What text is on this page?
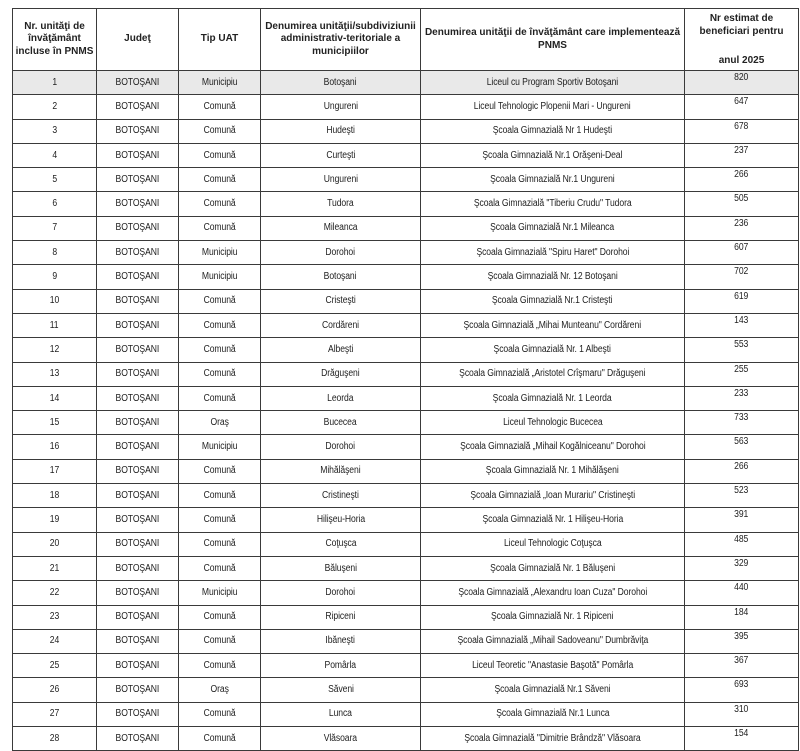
Nr. unităţi de învăţământ incluse în PNMS	Judeţ	Tip UAT	Denumirea unităţii/subdiviziunii administrativ-teritoriale a municipiilor	Denumirea unităţii de învăţământ care implementează PNMS	Nr estimat de beneficiari pentru
anul 2025

1	BOTOŞANI	Municipiu	Botoşani	Liceul cu Program Sportiv Botoşani	820
2	BOTOŞANI	Comună	Ungureni	Liceul Tehnologic Plopenii Mari - Ungureni	647
3	BOTOŞANI	Comună	Hudeşti	Şcoala Gimnazială Nr 1 Hudeşti	678
4	BOTOŞANI	Comună	Curteşti	Şcoala Gimnazială Nr.1 Orăşeni-Deal	237
5	BOTOŞANI	Comună	Ungureni	Şcoala Gimnazială Nr.1 Ungureni	266
6	BOTOŞANI	Comună	Tudora	Şcoala Gimnazială "Tiberiu Crudu" Tudora	505
7	BOTOŞANI	Comună	Mileanca	Şcoala Gimnazială Nr.1 Mileanca	236
8	BOTOŞANI	Municipiu	Dorohoi	Şcoala Gimnazială "Spiru Haret" Dorohoi	607
9	BOTOŞANI	Municipiu	Botoşani	Şcoala Gimnazială Nr. 12 Botoşani	702
10	BOTOŞANI	Comună	Cristeşti	Şcoala Gimnazială Nr.1 Cristeşti	619
11	BOTOŞANI	Comună	Cordăreni	Şcoala Gimnazială „Mihai Munteanu" Cordăreni	143
12	BOTOŞANI	Comună	Albeşti	Şcoala Gimnazială Nr. 1 Albeşti	553
13	BOTOŞANI	Comună	Drăguşeni	Şcoala Gimnazială „Aristotel Crîşmaru" Drăguşeni	255
14	BOTOŞANI	Comună	Leorda	Şcoala Gimnazială Nr. 1 Leorda	233
15	BOTOŞANI	Oraş	Bucecea	Liceul Tehnologic Bucecea	733
16	BOTOŞANI	Municipiu	Dorohoi	Şcoala Gimnazială „Mihail Kogălniceanu" Dorohoi	563
17	BOTOŞANI	Comună	Mihălăşeni	Şcoala Gimnazială Nr. 1 Mihălăşeni	266
18	BOTOŞANI	Comună	Cristineşti	Şcoala Gimnazială „Ioan Murariu" Cristineşti	523
19	BOTOŞANI	Comună	Hilişeu-Horia	Şcoala Gimnazială Nr. 1 Hilişeu-Horia	391
20	BOTOŞANI	Comună	Coţuşca	Liceul Tehnologic Coţuşca	485
21	BOTOŞANI	Comună	Băluşeni	Şcoala Gimnazială Nr. 1 Băluşeni	329
22	BOTOŞANI	Municipiu	Dorohoi	Şcoala Gimnazială „Alexandru Ioan Cuza" Dorohoi	440
23	BOTOŞANI	Comună	Ripiceni	Şcoala Gimnazială Nr. 1 Ripiceni	184
24	BOTOŞANI	Comună	Ibăneşti	Şcoala Gimnazială „Mihail Sadoveanu" Dumbrăviţa	395
25	BOTOŞANI	Comună	Pomârla	Liceul Teoretic "Anastasie Başotă" Pomârla	367
26	BOTOŞANI	Oraş	Săveni	Şcoala Gimnazială Nr.1 Săveni	693
27	BOTOŞANI	Comună	Lunca	Şcoala Gimnazială Nr.1 Lunca	310
28	BOTOŞANI	Comună	Vlăsoara	Şcoala Gimnazială "Dimitrie Brândză" Vlăsoara	154
